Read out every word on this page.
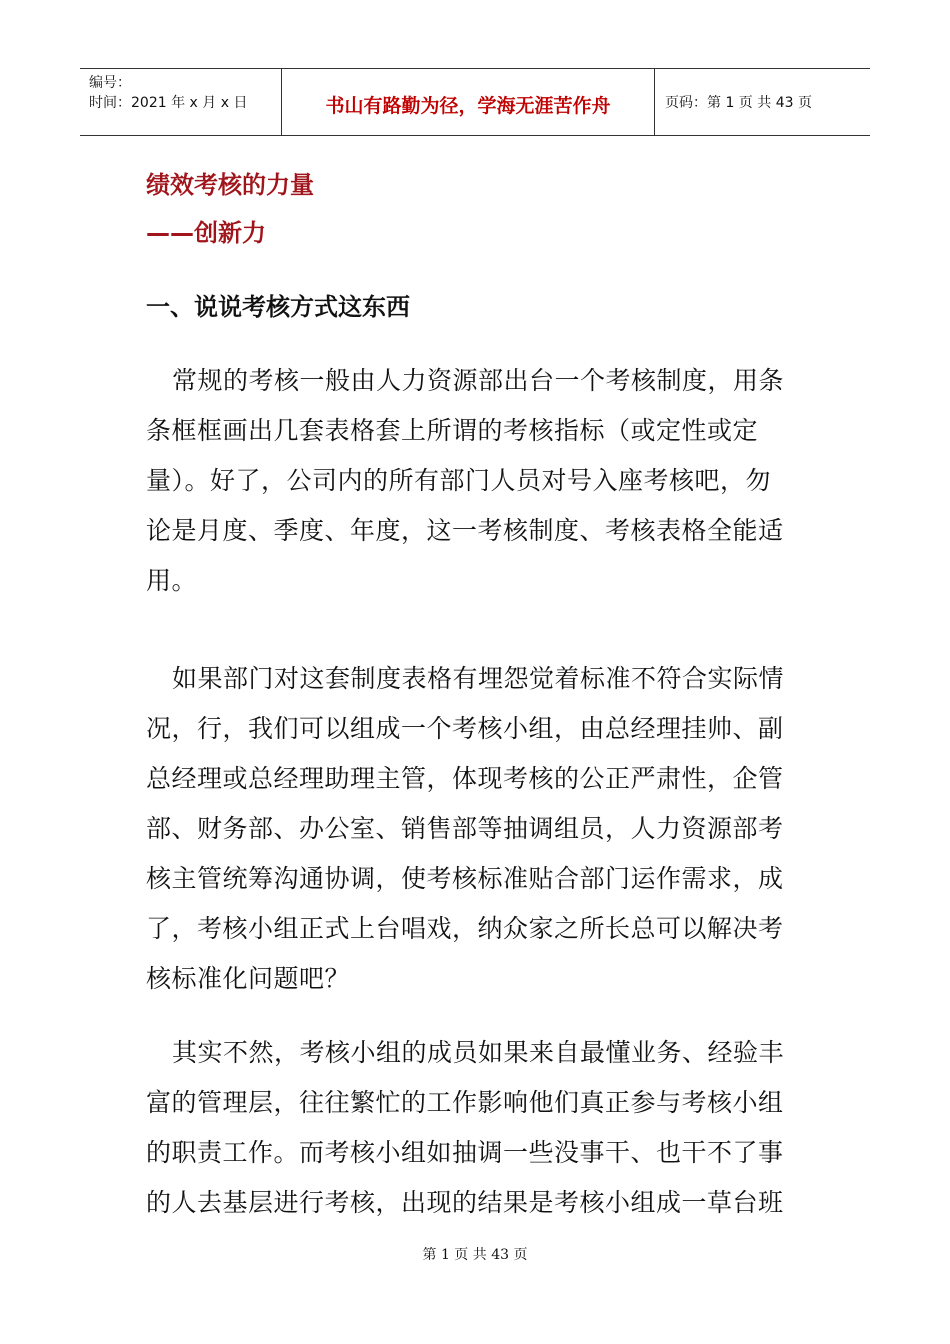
编号：
时间：2021 年 x 月 x 日	书山有路勤为径，学海无涯苦作舟	页码：第 1 页 共 43 页
绩效考核的力量
——创新力
一、说说考核方式这东西

常规的考核一般由人力资源部出台一个考核制度，用条条框框画出几套表格套上所谓的考核指标（或定性或定量）。好了，公司内的所有部门人员对号入座考核吧，勿论是月度、季度、年度，这一考核制度、考核表格全能适用。

如果部门对这套制度表格有埋怨觉着标准不符合实际情况，行，我们可以组成一个考核小组，由总经理挂帅、副总经理或总经理助理主管，体现考核的公正严肃性，企管部、财务部、办公室、销售部等抽调组员，人力资源部考核主管统筹沟通协调，使考核标准贴合部门运作需求，成了，考核小组正式上台唱戏，纳众家之所长总可以解决考核标准化问题吧？

其实不然，考核小组的成员如果来自最懂业务、经验丰富的管理层，往往繁忙的工作影响他们真正参与考核小组的职责工作。而考核小组如抽调一些没事干、也干不了事的人去基层进行考核，出现的结果是考核小组成一草台班

第 1 页 共 43 页
